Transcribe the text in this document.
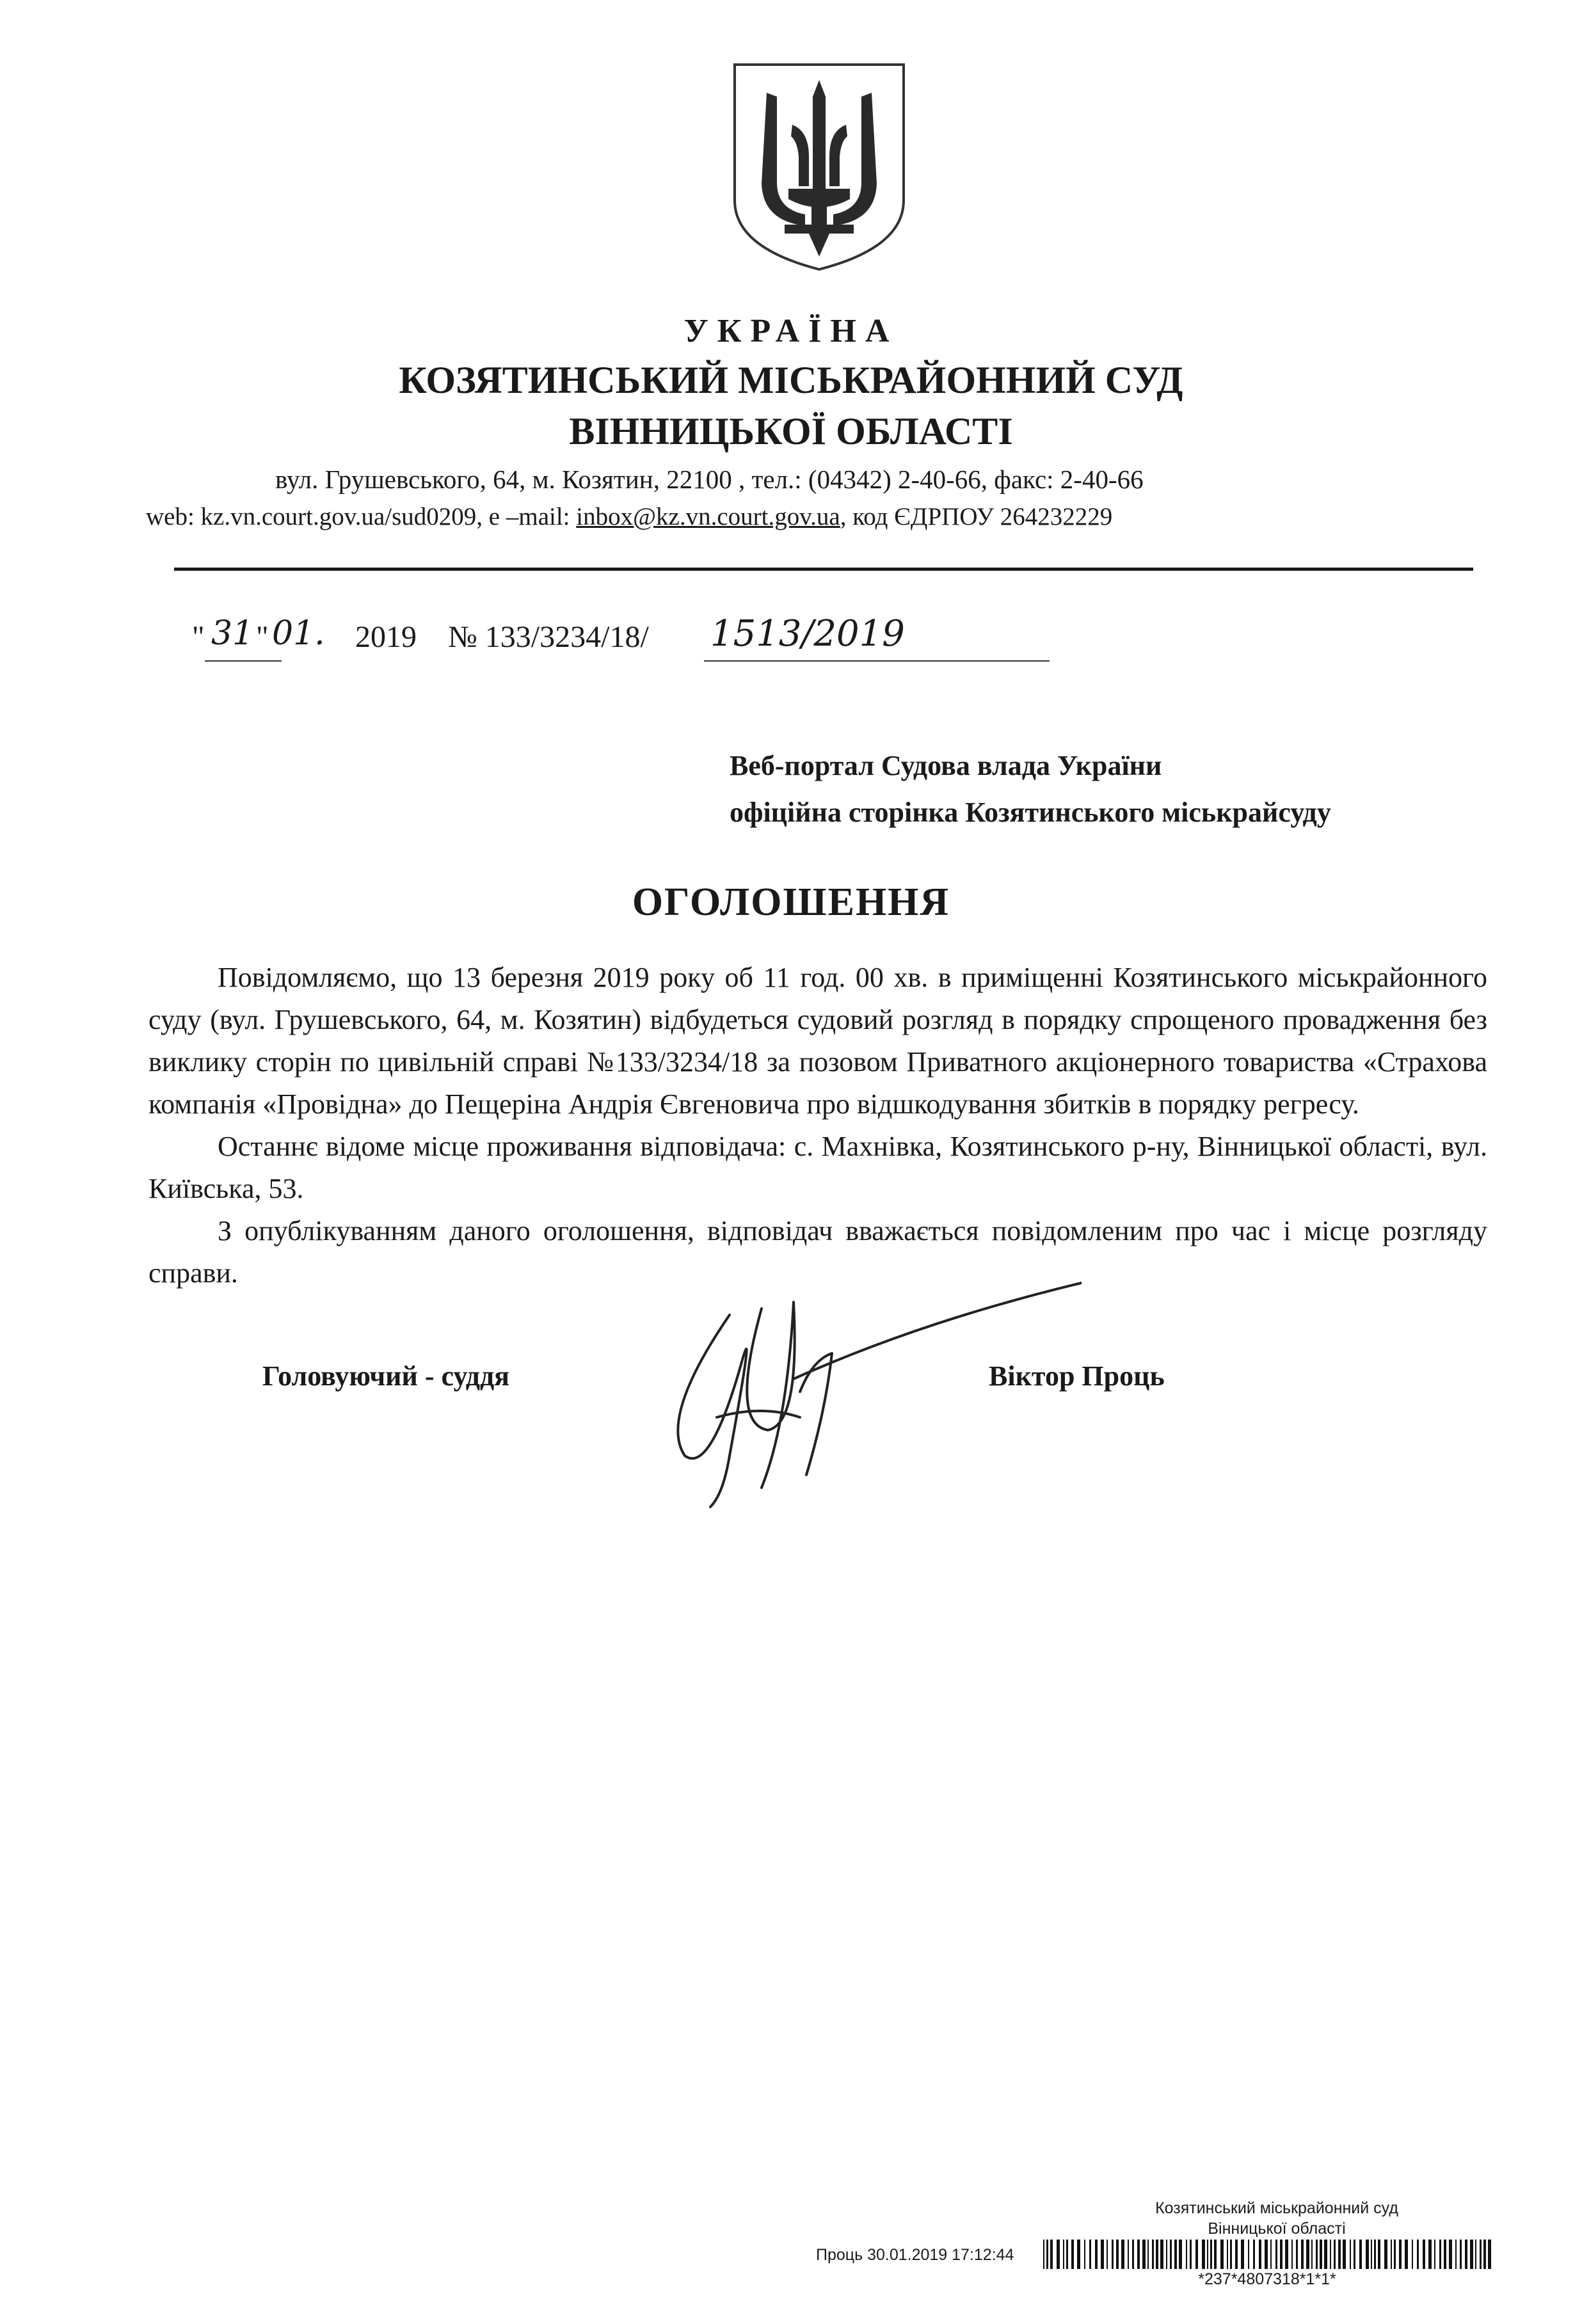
УКРАЇНА
КОЗЯТИНСЬКИЙ МІСЬКРАЙОННИЙ СУД
ВІННИЦЬКОЇ ОБЛАСТІ
вул. Грушевського, 64, м. Козятин, 22100 , тел.: (04342) 2-40-66, факс: 2-40-66
web: kz.vn.court.gov.ua/sud0209, e –mail: inbox@kz.vn.court.gov.ua, код ЄДРПОУ 264232229
" 31 " 01. 2019 № 133/3234/18/ 1513/2019
Веб-портал Судова влада України
офіційна сторінка Козятинського міськрайсуду
ОГОЛОШЕННЯ

Повідомляємо, що 13 березня 2019 року об 11 год. 00 хв. в приміщенні Козятинського міськрайонного суду (вул. Грушевського, 64, м. Козятин) відбудеться судовий розгляд в порядку спрощеного провадження без виклику сторін по цивільній справі №133/3234/18 за позовом Приватного акціонерного товариства «Страхова компанія «Провідна» до Пещеріна Андрія Євгеновича про відшкодування збитків в порядку регресу.

Останнє відоме місце проживання відповідача: с. Махнівка, Козятинського р-ну, Вінницької області, вул. Київська, 53.

З опублікуванням даного оголошення, відповідач вважається повідомленим про час і місце розгляду справи.

Головуючий - суддя	Віктор Проць
Козятинський міськрайонний суд
Вінницької області
Проць 30.01.2019 17:12:44
*237*4807318*1*1*
